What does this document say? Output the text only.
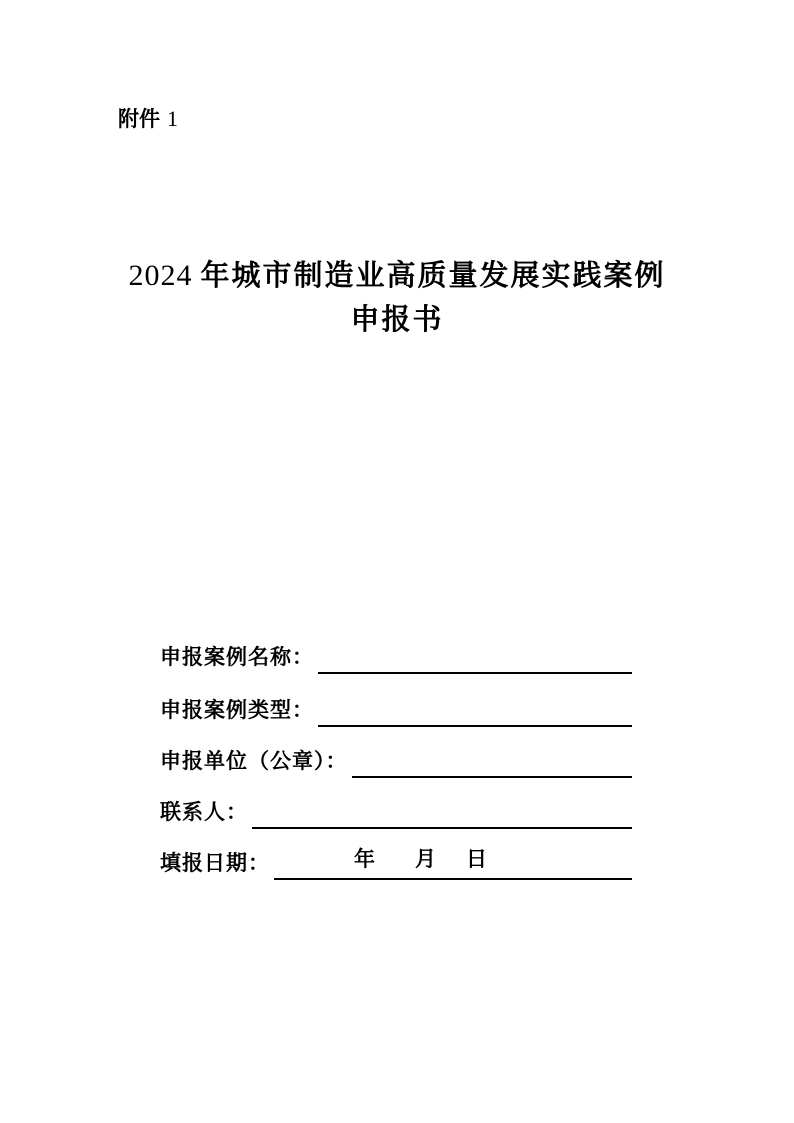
附件 1
2024 年城市制造业高质量发展实践案例
申报书
申报案例名称：
申报案例类型：
申报单位（公章）：
联系人：
填报日期：	年 月 日
